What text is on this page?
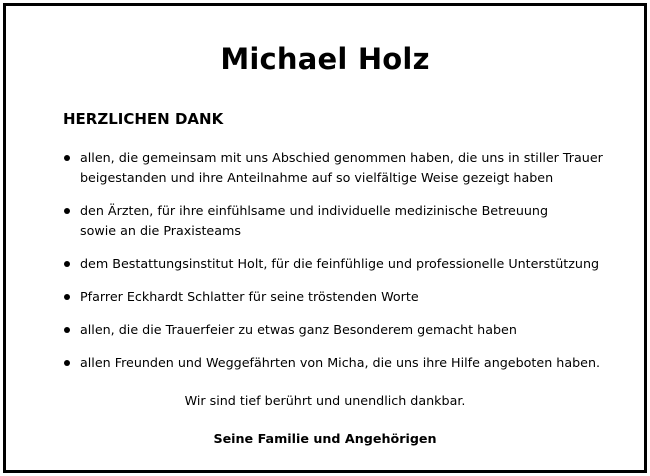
Michael Holz
HERZLICHEN DANK
allen, die gemeinsam mit uns Abschied genommen haben, die uns in stiller Trauer
beigestanden und ihre Anteilnahme auf so vielfältige Weise gezeigt haben
den Ärzten, für ihre einfühlsame und individuelle medizinische Betreuung
sowie an die Praxisteams
dem Bestattungsinstitut Holt, für die feinfühlige und professionelle Unterstützung
Pfarrer Eckhardt Schlatter für seine tröstenden Worte
allen, die die Trauerfeier zu etwas ganz Besonderem gemacht haben
allen Freunden und Weggefährten von Micha, die uns ihre Hilfe angeboten haben.

Wir sind tief berührt und unendlich dankbar.

Seine Familie und Angehörigen
